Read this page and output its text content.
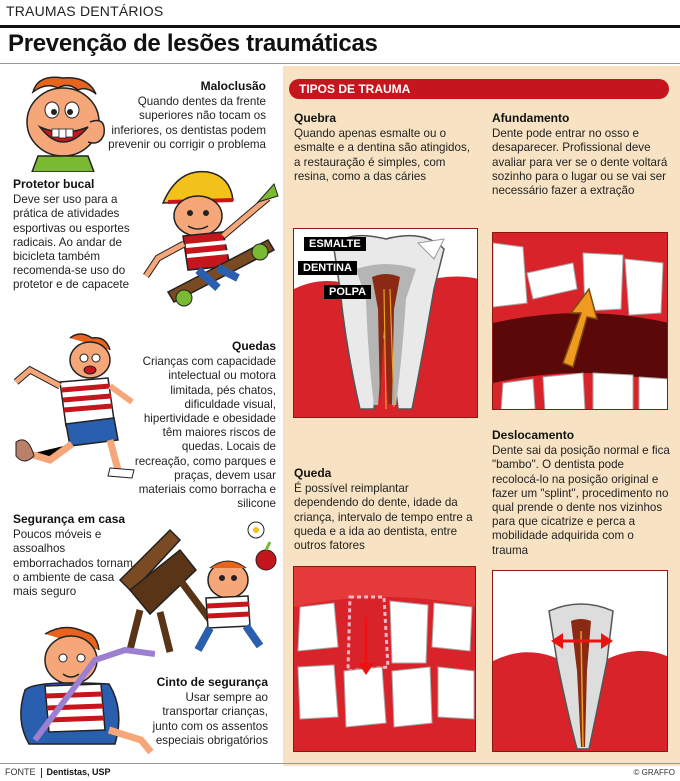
TRAUMAS DENTÁRIOS
Prevenção de lesões traumáticas
TIPOS DE TRAUMA
Maloclusão
Quando dentes da frente superiores não tocam os inferiores, os dentistas podem prevenir ou corrigir o problema
Protetor bucal
Deve ser uso para a prática de atividades esportivas ou esportes radicais. Ao andar de bicicleta também recomenda-se uso do protetor e de capacete
Quedas
Crianças com capacidade intelectual ou motora limitada, pés chatos, dificuldade visual, hipertividade e obesidade têm maiores riscos de quedas. Locais de recreação, como parques e praças, devem usar materiais como borracha e silicone
Segurança em casa
Poucos móveis e assoalhos emborrachados tornam o ambiente de casa mais seguro
Cinto de segurança
Usar sempre ao transportar crianças, junto com os assentos especiais obrigatórios
Quebra
Quando apenas esmalte ou o esmalte e a dentina são atingidos, a restauração é simples, com resina, como a das cáries
ESMALTE
DENTINA
POLPA
Afundamento
Dente pode entrar no osso e desaparecer. Profissional deve avaliar para ver se o dente voltará sozinho para o lugar ou se vai ser necessário fazer a extração
Deslocamento
Dente sai da posição normal e fica "bambo". O dentista pode recolocá-lo na posição original e fazer um "splint", procedimento no qual prende o dente nos vizinhos para que cicatrize e perca a mobilidade adquirida com o trauma
Queda
É possível reimplantar dependendo do dente, idade da criança, intervalo de tempo entre a queda e a ida ao dentista, entre outros fatores
FONTE Dentistas, USP	© GRAFFO
